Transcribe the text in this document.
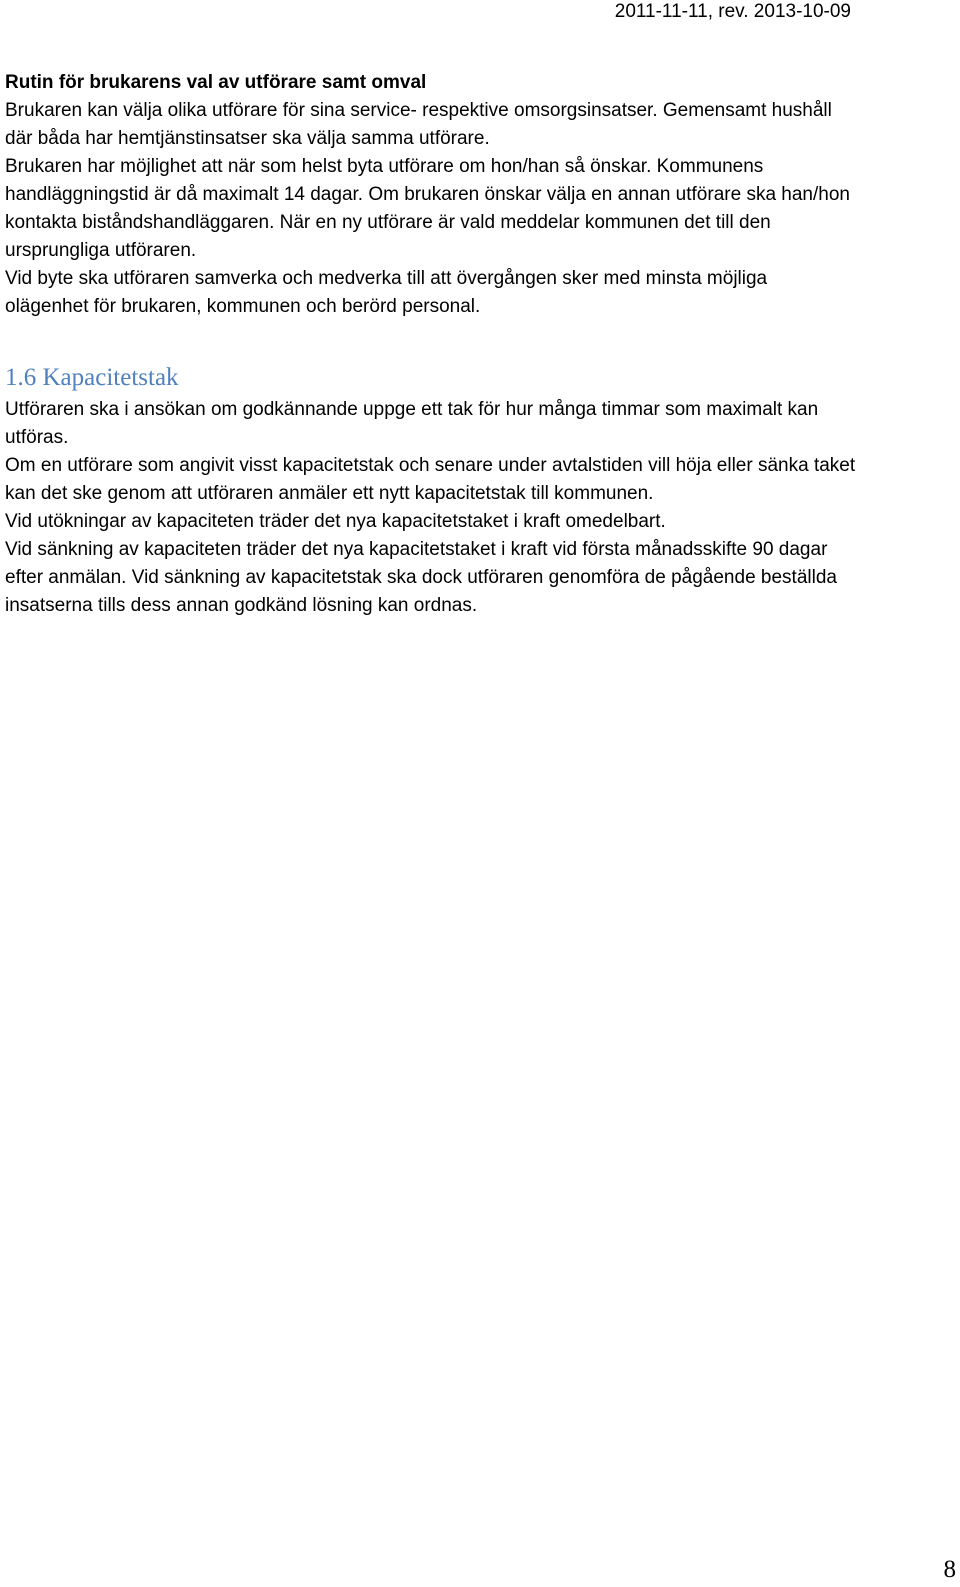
2011-11-11, rev. 2013-10-09
Rutin för brukarens val av utförare samt omval
Brukaren kan välja olika utförare för sina service- respektive omsorgsinsatser. Gemensamt hushåll
där båda har hemtjänstinsatser ska välja samma utförare.
Brukaren har möjlighet att när som helst byta utförare om hon/han så önskar. Kommunens
handläggningstid är då maximalt 14 dagar. Om brukaren önskar välja en annan utförare ska han/hon
kontakta biståndshandläggaren. När en ny utförare är vald meddelar kommunen det till den
ursprungliga utföraren.
Vid byte ska utföraren samverka och medverka till att övergången sker med minsta möjliga
olägenhet för brukaren, kommunen och berörd personal.
1.6 Kapacitetstak
Utföraren ska i ansökan om godkännande uppge ett tak för hur många timmar som maximalt kan
utföras.
Om en utförare som angivit visst kapacitetstak och senare under avtalstiden vill höja eller sänka taket
kan det ske genom att utföraren anmäler ett nytt kapacitetstak till kommunen.
Vid utökningar av kapaciteten träder det nya kapacitetstaket i kraft omedelbart.
Vid sänkning av kapaciteten träder det nya kapacitetstaket i kraft vid första månadsskifte 90 dagar
efter anmälan. Vid sänkning av kapacitetstak ska dock utföraren genomföra de pågående beställda
insatserna tills dess annan godkänd lösning kan ordnas.
8
